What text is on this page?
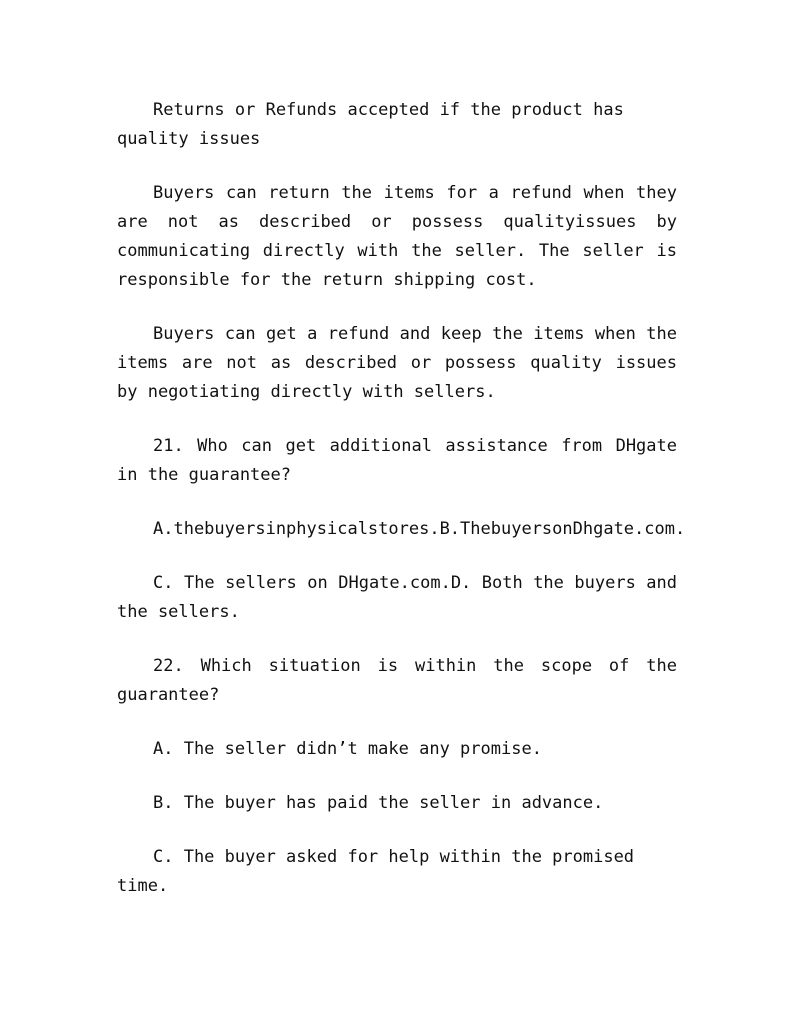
Returns or Refunds accepted if the product has quality issues

Buyers can return the items for a refund when they are not as described or possess qualityissues by communicating directly with the seller. The seller is responsible for the return shipping cost.

Buyers can get a refund and keep the items when the items are not as described or possess quality issues by negotiating directly with sellers.

21. Who can get additional assistance from DHgate in the guarantee?

A.thebuyersinphysicalstores.B.ThebuyersonDhgate.com.

C. The sellers on DHgate.com.D. Both the buyers and the sellers.

22. Which situation is within the scope of the guarantee?

A. The seller didn’t make any promise.

B. The buyer has paid the seller in advance.

C. The buyer asked for help within the promised time.
